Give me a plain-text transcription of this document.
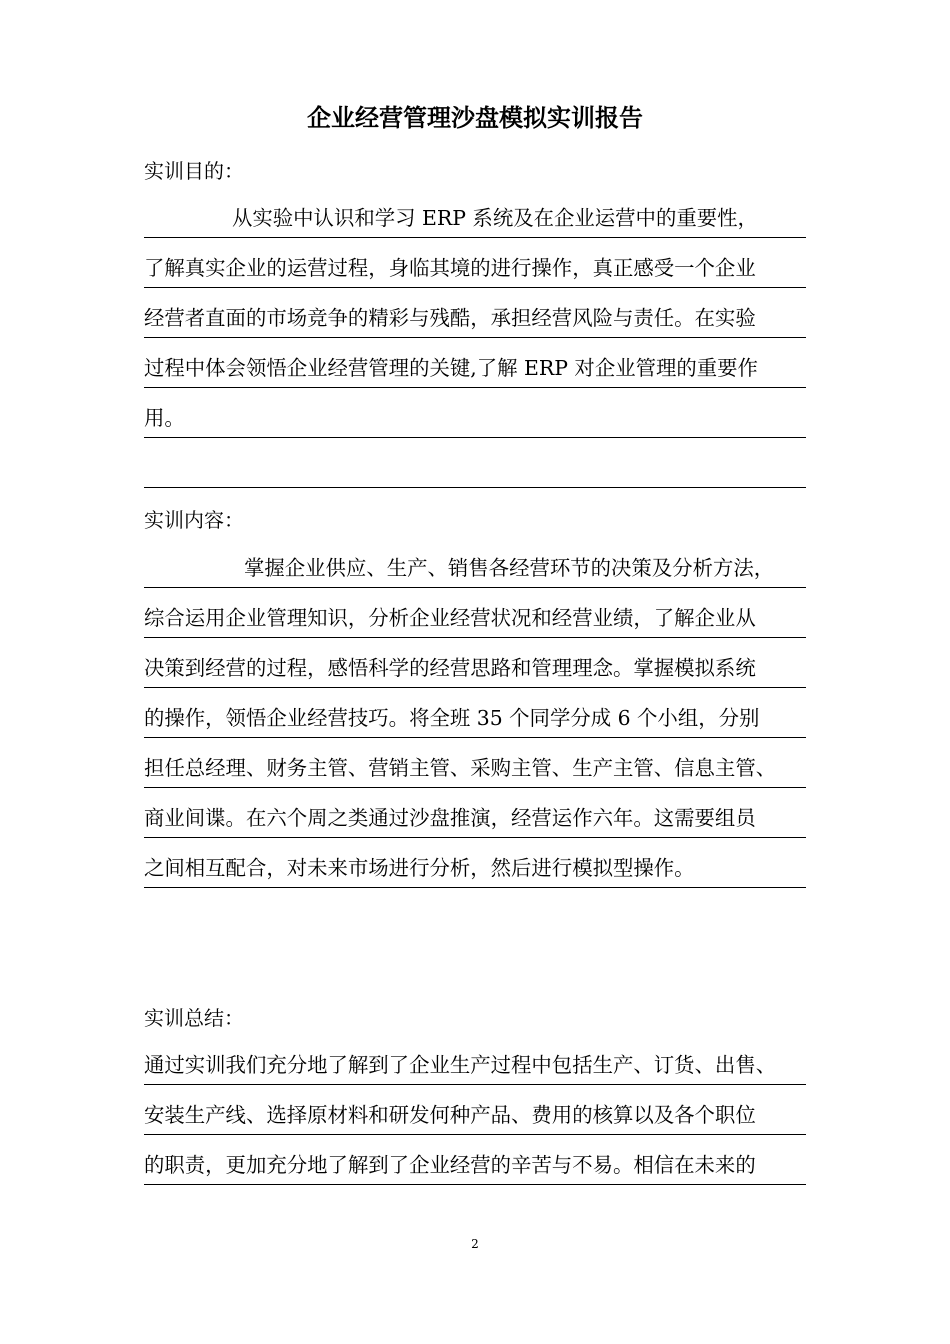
企业经营管理沙盘模拟实训报告
实训目的：
从实验中认识和学习 ERP 系统及在企业运营中的重要性，
了解真实企业的运营过程，身临其境的进行操作，真正感受一个企业
经营者直面的市场竞争的精彩与残酷，承担经营风险与责任。在实验
过程中体会领悟企业经营管理的关键,了解 ERP 对企业管理的重要作
用。
实训内容：
掌握企业供应、生产、销售各经营环节的决策及分析方法，
综合运用企业管理知识，分析企业经营状况和经营业绩，了解企业从
决策到经营的过程，感悟科学的经营思路和管理理念。掌握模拟系统
的操作，领悟企业经营技巧。将全班 35 个同学分成 6 个小组，分别
担任总经理、财务主管、营销主管、采购主管、生产主管、信息主管、
商业间谍。在六个周之类通过沙盘推演，经营运作六年。这需要组员
之间相互配合，对未来市场进行分析，然后进行模拟型操作。
实训总结：
通过实训我们充分地了解到了企业生产过程中包括生产、订货、出售、
安装生产线、选择原材料和研发何种产品、费用的核算以及各个职位
的职责，更加充分地了解到了企业经营的辛苦与不易。相信在未来的
2
